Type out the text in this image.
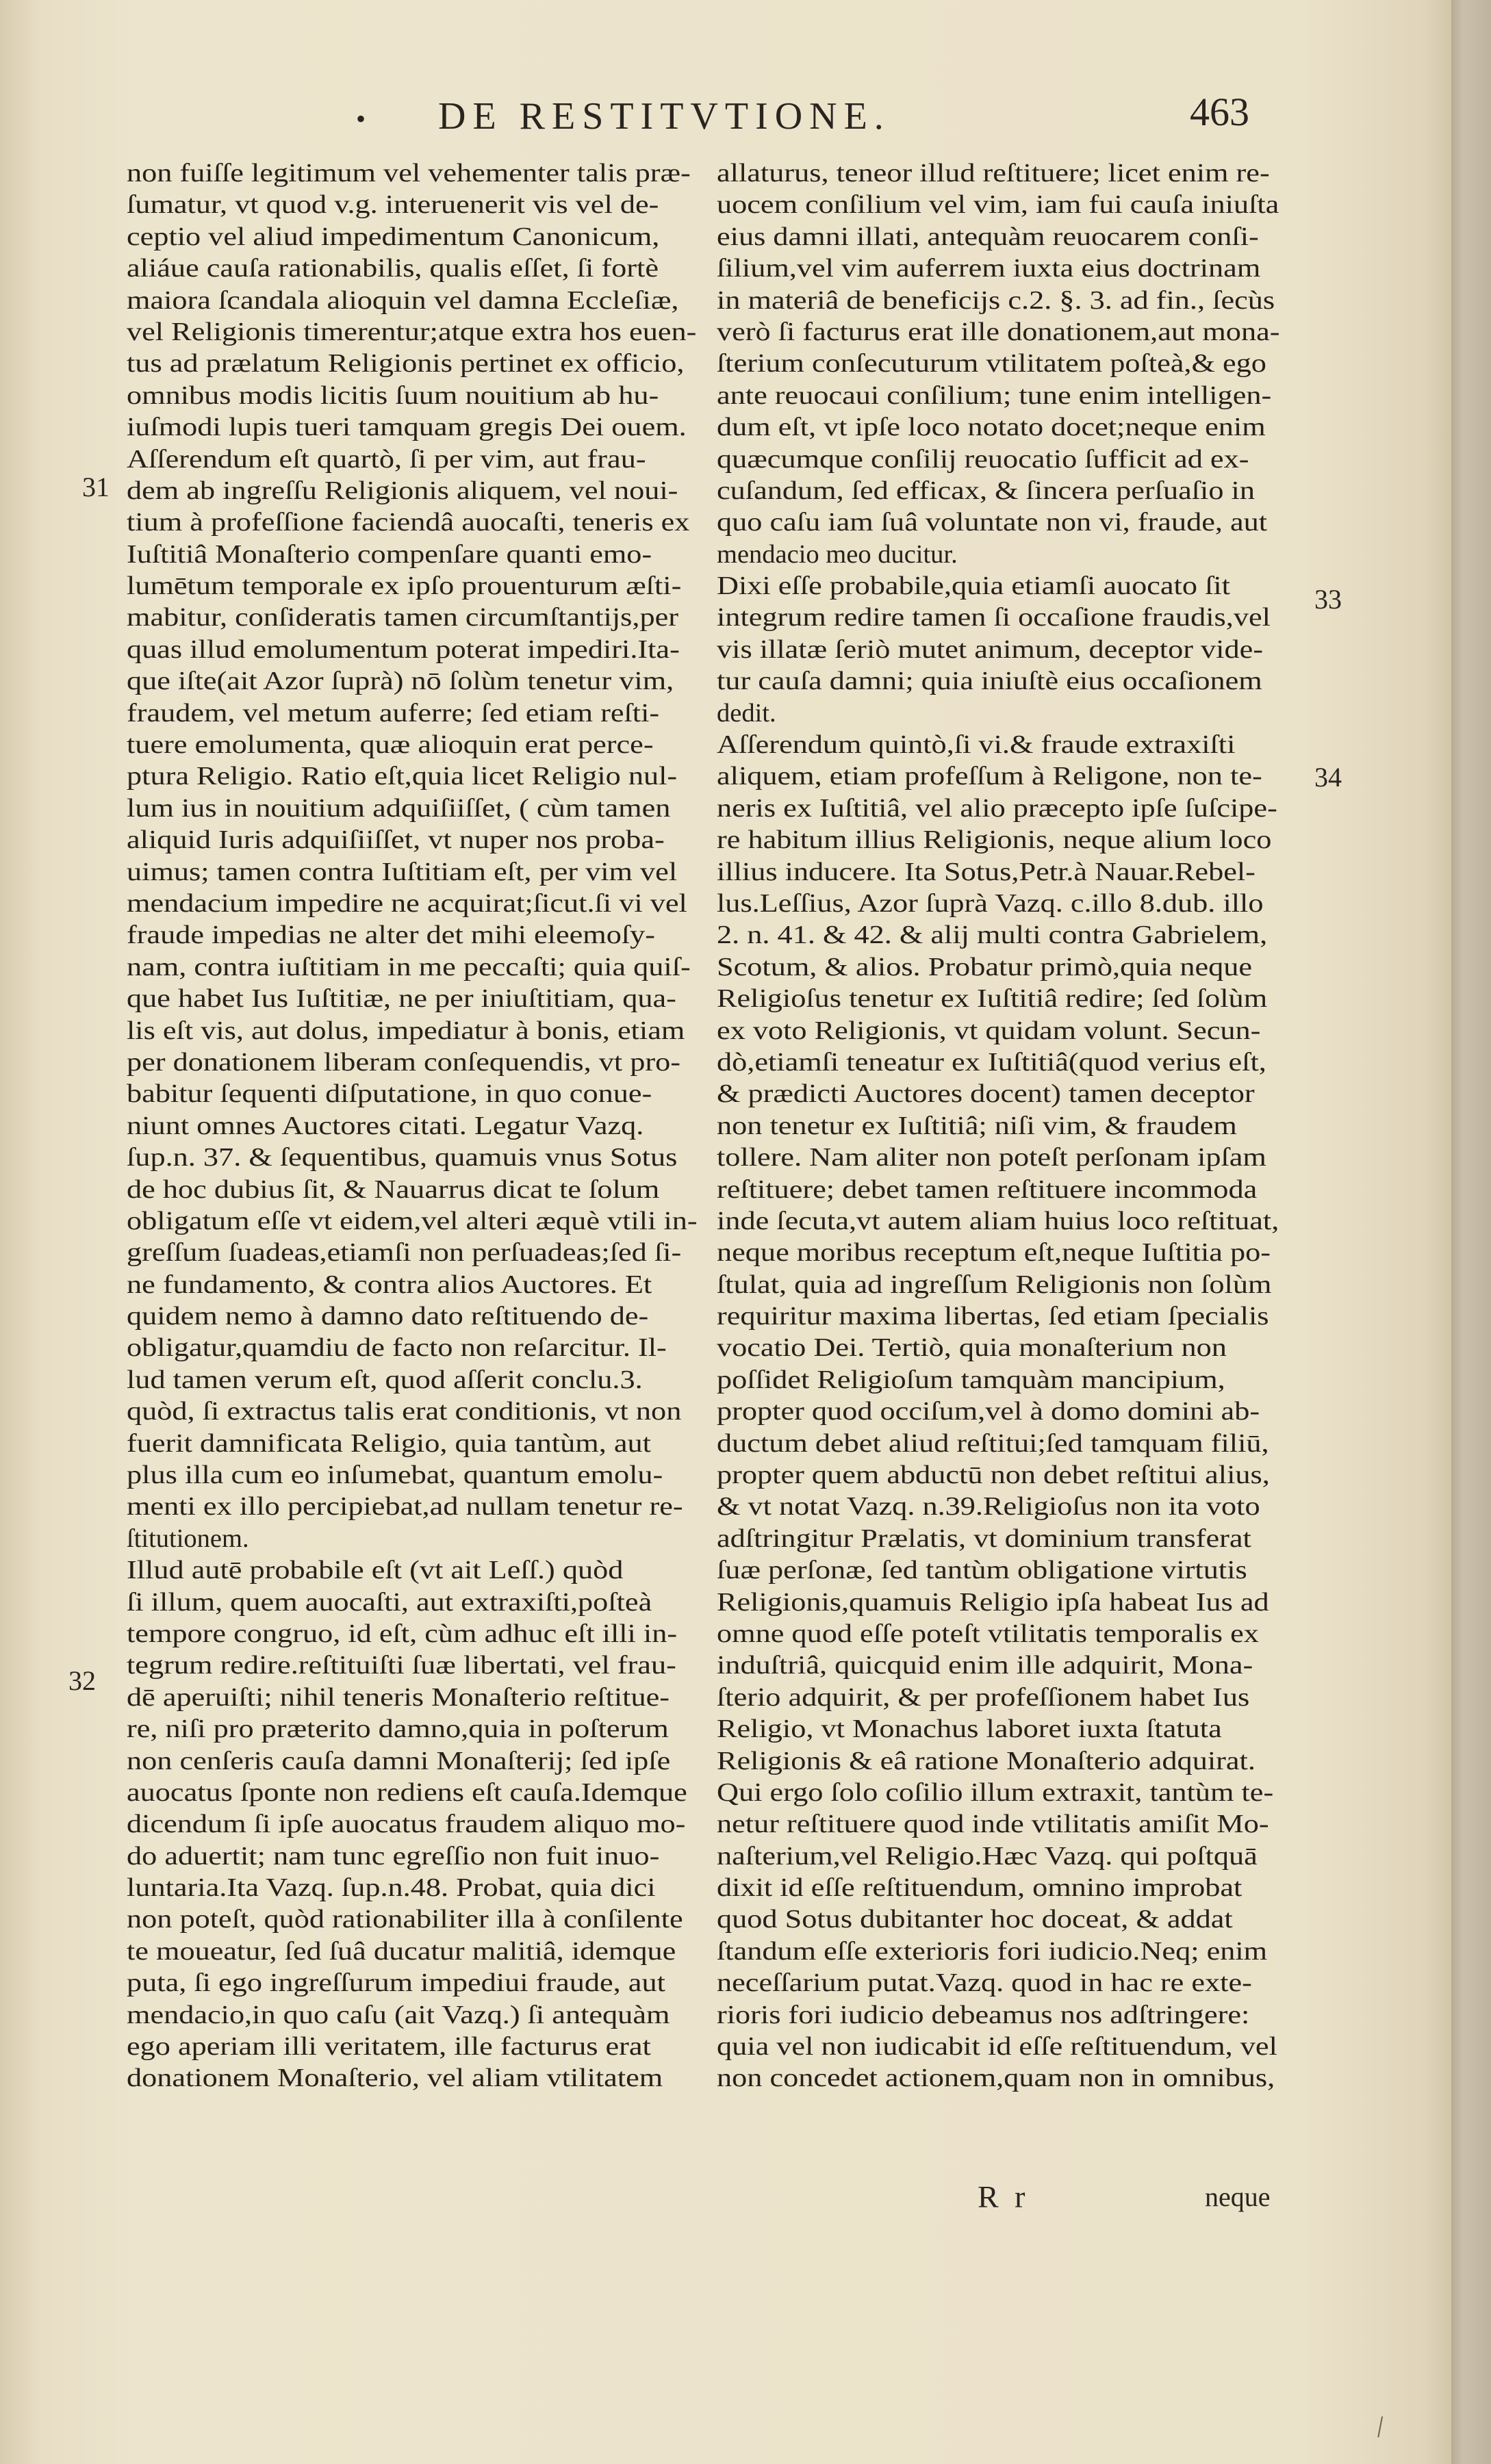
• DE RESTITVTIONE.	463
non fuiſſe legitimum vel vehementer talis præ-
ſumatur, vt quod v.g. interuenerit vis vel de-
ceptio vel aliud impedimentum Canonicum,
aliáue cauſa rationabilis, qualis eſſet, ſi fortè
maiora ſcandala alioquin vel damna Eccleſiæ,
vel Religionis timerentur;atque extra hos euen-
tus ad prælatum Religionis pertinet ex officio,
omnibus modis licitis ſuum nouitium ab hu-
iuſmodi lupis tueri tamquam gregis Dei ouem.
Aſſerendum eſt quartò, ſi per vim, aut frau-
dem ab ingreſſu Religionis aliquem, vel noui-
tium à profeſſione faciendâ auocaſti, teneris ex
Iuſtitiâ Monaſterio compenſare quanti emo-
lumētum temporale ex ipſo prouenturum æſti-
mabitur, conſideratis tamen circumſtantijs,per
quas illud emolumentum poterat impediri.Ita-
que iſte(ait Azor ſuprà) nō ſolùm tenetur vim,
fraudem, vel metum auferre; ſed etiam reſti-
tuere emolumenta, quæ alioquin erat perce-
ptura Religio. Ratio eſt,quia licet Religio nul-
lum ius in nouitium adquiſiiſſet, ( cùm tamen
aliquid Iuris adquiſiiſſet, vt nuper nos proba-
uimus; tamen contra Iuſtitiam eſt, per vim vel
mendacium impedire ne acquirat;ſicut.ſi vi vel
fraude impedias ne alter det mihi eleemoſy-
nam, contra iuſtitiam in me peccaſti; quia quiſ-
que habet Ius Iuſtitiæ, ne per iniuſtitiam, qua-
lis eſt vis, aut dolus, impediatur à bonis, etiam
per donationem liberam conſequendis, vt pro-
babitur ſequenti diſputatione, in quo conue-
niunt omnes Auctores citati. Legatur Vazq.
ſup.n. 37. & ſequentibus, quamuis vnus Sotus
de hoc dubius ſit, & Nauarrus dicat te ſolum
obligatum eſſe vt eidem,vel alteri æquè vtili in-
greſſum ſuadeas,etiamſi non perſuadeas;ſed ſi-
ne fundamento, & contra alios Auctores. Et
quidem nemo à damno dato reſtituendo de-
obligatur,quamdiu de facto non reſarcitur. Il-
lud tamen verum eſt, quod aſſerit conclu.3.
quòd, ſi extractus talis erat conditionis, vt non
fuerit damnificata Religio, quia tantùm, aut
plus illa cum eo inſumebat, quantum emolu-
menti ex illo percipiebat,ad nullam tenetur re-
ſtitutionem.
Illud autē probabile eſt (vt ait Leſſ.) quòd
ſi illum, quem auocaſti, aut extraxiſti,poſteà
tempore congruo, id eſt, cùm adhuc eſt illi in-
tegrum redire.reſtituiſti ſuæ libertati, vel frau-
dē aperuiſti; nihil teneris Monaſterio reſtitue-
re, niſi pro præterito damno,quia in poſterum
non cenſeris cauſa damni Monaſterij; ſed ipſe
auocatus ſponte non rediens eſt cauſa.Idemque
dicendum ſi ipſe auocatus fraudem aliquo mo-
do aduertit; nam tunc egreſſio non fuit inuo-
luntaria.Ita Vazq. ſup.n.48. Probat, quia dici
non poteſt, quòd rationabiliter illa à conſilente
te moueatur, ſed ſuâ ducatur malitiâ, idemque
puta, ſi ego ingreſſurum impediui fraude, aut
mendacio,in quo caſu (ait Vazq.) ſi antequàm
ego aperiam illi veritatem, ille facturus erat
donationem Monaſterio, vel aliam vtilitatem
allaturus, teneor illud reſtituere; licet enim re-
uocem conſilium vel vim, iam fui cauſa iniuſta
eius damni illati, antequàm reuocarem conſi-
ſilium,vel vim auferrem iuxta eius doctrinam
in materiâ de beneficijs c.2. §. 3. ad fin., ſecùs
verò ſi facturus erat ille donationem,aut mona-
ſterium conſecuturum vtilitatem poſteà,& ego
ante reuocaui conſilium; tune enim intelligen-
dum eſt, vt ipſe loco notato docet;neque enim
quæcumque conſilij reuocatio ſufficit ad ex-
cuſandum, ſed efficax, & ſincera perſuaſio in
quo caſu iam ſuâ voluntate non vi, fraude, aut
mendacio meo ducitur.
Dixi eſſe probabile,quia etiamſi auocato ſit
integrum redire tamen ſi occaſione fraudis,vel
vis illatæ ſeriò mutet animum, deceptor vide-
tur cauſa damni; quia iniuſtè eius occaſionem
dedit.
Aſſerendum quintò,ſi vi.& fraude extraxiſti
aliquem, etiam profeſſum à Religone, non te-
neris ex Iuſtitiâ, vel alio præcepto ipſe ſuſcipe-
re habitum illius Religionis, neque alium loco
illius inducere. Ita Sotus,Petr.à Nauar.Rebel-
lus.Leſſius, Azor ſuprà Vazq. c.illo 8.dub. illo
2. n. 41. & 42. & alij multi contra Gabrielem,
Scotum, & alios. Probatur primò,quia neque
Religioſus tenetur ex Iuſtitiâ redire; ſed ſolùm
ex voto Religionis, vt quidam volunt. Secun-
dò,etiamſi teneatur ex Iuſtitiâ(quod verius eſt,
& prædicti Auctores docent) tamen deceptor
non tenetur ex Iuſtitiâ; niſi vim, & fraudem
tollere. Nam aliter non poteſt perſonam ipſam
reſtituere; debet tamen reſtituere incommoda
inde ſecuta,vt autem aliam huius loco reſtituat,
neque moribus receptum eſt,neque Iuſtitia po-
ſtulat, quia ad ingreſſum Religionis non ſolùm
requiritur maxima libertas, ſed etiam ſpecialis
vocatio Dei. Tertiò, quia monaſterium non
poſſidet Religioſum tamquàm mancipium,
propter quod occiſum,vel à domo domini ab-
ductum debet aliud reſtitui;ſed tamquam filiū,
propter quem abductū non debet reſtitui alius,
& vt notat Vazq. n.39.Religioſus non ita voto
adſtringitur Prælatis, vt dominium transferat
ſuæ perſonæ, ſed tantùm obligatione virtutis
Religionis,quamuis Religio ipſa habeat Ius ad
omne quod eſſe poteſt vtilitatis temporalis ex
induſtriâ, quicquid enim ille adquirit, Mona-
ſterio adquirit, & per profeſſionem habet Ius
Religio, vt Monachus laboret iuxta ſtatuta
Religionis & eâ ratione Monaſterio adquirat.
Qui ergo ſolo coſilio illum extraxit, tantùm te-
netur reſtituere quod inde vtilitatis amiſit Mo-
naſterium,vel Religio.Hæc Vazq. qui poſtquā
dixit id eſſe reſtituendum, omnino improbat
quod Sotus dubitanter hoc doceat, & addat
ſtandum eſſe exterioris fori iudicio.Neq; enim
neceſſarium putat.Vazq. quod in hac re exte-
rioris fori iudicio debeamus nos adſtringere:
quia vel non iudicabit id eſſe reſtituendum, vel
non concedet actionem,quam non in omnibus,
31
32
33
34
R r	neque
/
